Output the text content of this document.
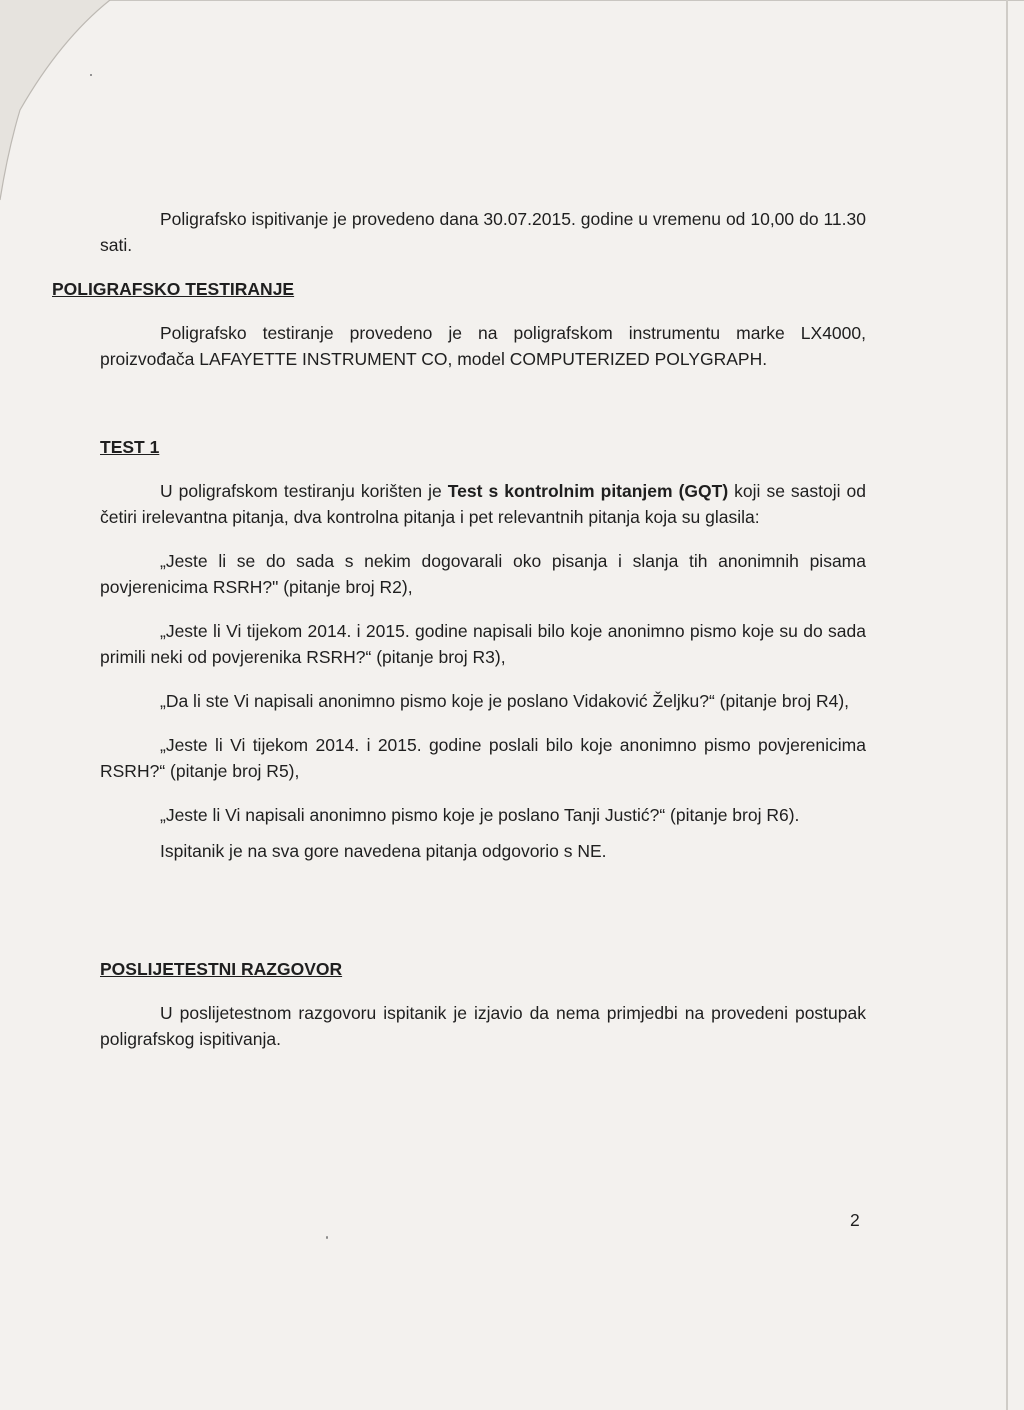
Poligrafsko ispitivanje je provedeno dana 30.07.2015. godine u vremenu od 10,00 do 11.30 sati.

POLIGRAFSKO TESTIRANJE

Poligrafsko testiranje provedeno je na poligrafskom instrumentu marke LX4000, proizvođača LAFAYETTE INSTRUMENT CO, model COMPUTERIZED POLYGRAPH.

TEST 1

U poligrafskom testiranju korišten je Test s kontrolnim pitanjem (GQT) koji se sastoji od četiri irelevantna pitanja, dva kontrolna pitanja i pet relevantnih pitanja koja su glasila:

„Jeste li se do sada s nekim dogovarali oko pisanja i slanja tih anonimnih pisama povjerenicima RSRH?" (pitanje broj R2),

„Jeste li Vi tijekom 2014. i 2015. godine napisali bilo koje anonimno pismo koje su do sada primili neki od povjerenika RSRH?“ (pitanje broj R3),

„Da li ste Vi napisali anonimno pismo koje je poslano Vidaković Željku?“ (pitanje broj R4),

„Jeste li Vi tijekom 2014. i 2015. godine poslali bilo koje anonimno pismo povjerenicima RSRH?“ (pitanje broj R5),

„Jeste li Vi napisali anonimno pismo koje je poslano Tanji Justić?“ (pitanje broj R6).

Ispitanik je na sva gore navedena pitanja odgovorio s NE.

POSLIJETESTNI RAZGOVOR

U poslijetestnom razgovoru ispitanik je izjavio da nema primjedbi na provedeni postupak poligrafskog ispitivanja.

2
